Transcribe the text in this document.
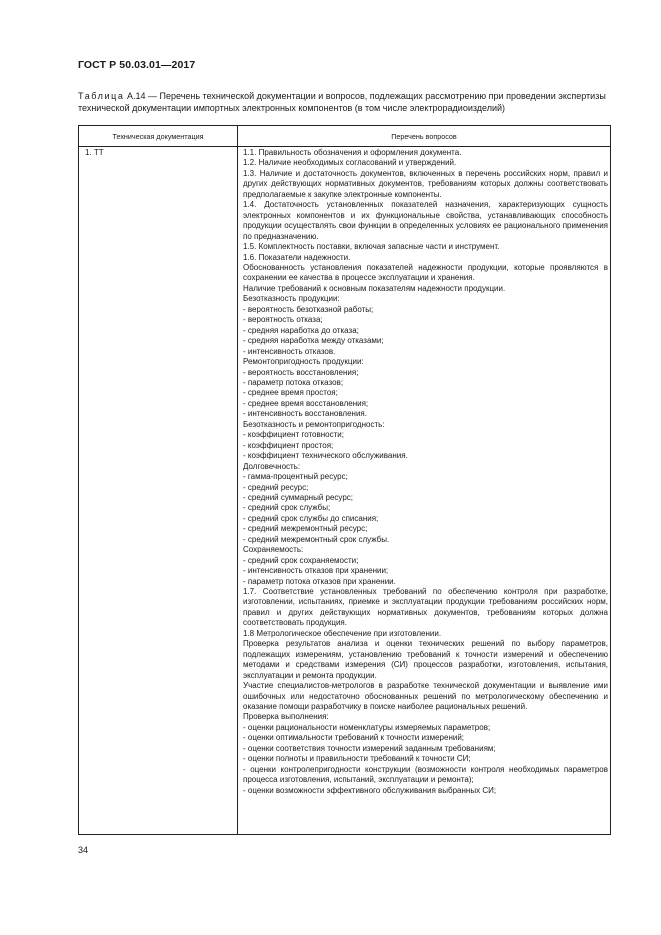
ГОСТ Р 50.03.01—2017
Таблица А.14 — Перечень технической документации и вопросов, подлежащих рассмотрению при проведении экспертизы технической документации импортных электронных компонентов (в том числе электрорадиоизделий)
Техническая документация	Перечень вопросов
1. ТТ	1.1. Правильность обозначения и оформления документа.
1.2. Наличие необходимых согласований и утверждений.
1.3. Наличие и достаточность документов, включенных в перечень российских норм, правил и других действующих нормативных документов, требованиям которых должны соответствовать предполагаемые к закупке электронные компоненты.
1.4. Достаточность установленных показателей назначения, характеризующих сущность электронных компонентов и их функциональные свойства, устанавливающих способность продукции осуществлять свои функции в определенных условиях ее рационального применения по предназначению.
1.5. Комплектность поставки, включая запасные части и инструмент.
1.6. Показатели надежности.
Обоснованность установления показателей надежности продукции, которые проявляются в сохранении ее качества в процессе эксплуатации и хранения.
Наличие требований к основным показателям надежности продукции.
Безотказность продукции:
- вероятность безотказной работы;
- вероятность отказа;
- средняя наработка до отказа;
- средняя наработка между отказами;
- интенсивность отказов.
Ремонтопригодность продукции:
- вероятность восстановления;
- параметр потока отказов;
- среднее время простоя;
- среднее время восстановления;
- интенсивность восстановления.
Безотказность и ремонтопригодность:
- коэффициент готовности;
- коэффициент простоя;
- коэффициент технического обслуживания.
Долговечность:
- гамма-процентный ресурс;
- средний ресурс;
- средний суммарный ресурс;
- средний срок службы;
- средний срок службы до списания;
- средний межремонтный ресурс;
- средний межремонтный срок службы.
Сохраняемость:
- средний срок сохраняемости;
- интенсивность отказов при хранении;
- параметр потока отказов при хранении.
1.7. Соответствие установленных требований по обеспечению контроля при разработке, изготовлении, испытаниях, приемке и эксплуатации продукции требованиям российских норм, правил и других действующих нормативных документов, требованиям которых должна соответствовать продукция.
1.8 Метрологическое обеспечение при изготовлении.
Проверка результатов анализа и оценки технических решений по выбору параметров, подлежащих измерениям, установлению требований к точности измерений и обеспечению методами и средствами измерения (СИ) процессов разработки, изготовления, испытания, эксплуатации и ремонта продукции.
Участие специалистов-метрологов в разработке технической документации и выявление ими ошибочных или недостаточно обоснованных решений по метрологическому обеспечению и оказание помощи разработчику в поиске наиболее рациональных решений.
Проверка выполнения:
- оценки рациональности номенклатуры измеряемых параметров;
- оценки оптимальности требований к точности измерений;
- оценки соответствия точности измерений заданным требованиям;
- оценки полноты и правильности требований к точности СИ;
- оценки контролепригодности конструкции (возможности контроля необходимых параметров процесса изготовления, испытаний, эксплуатации и ремонта);
- оценки возможности эффективного обслуживания выбранных СИ;
34
